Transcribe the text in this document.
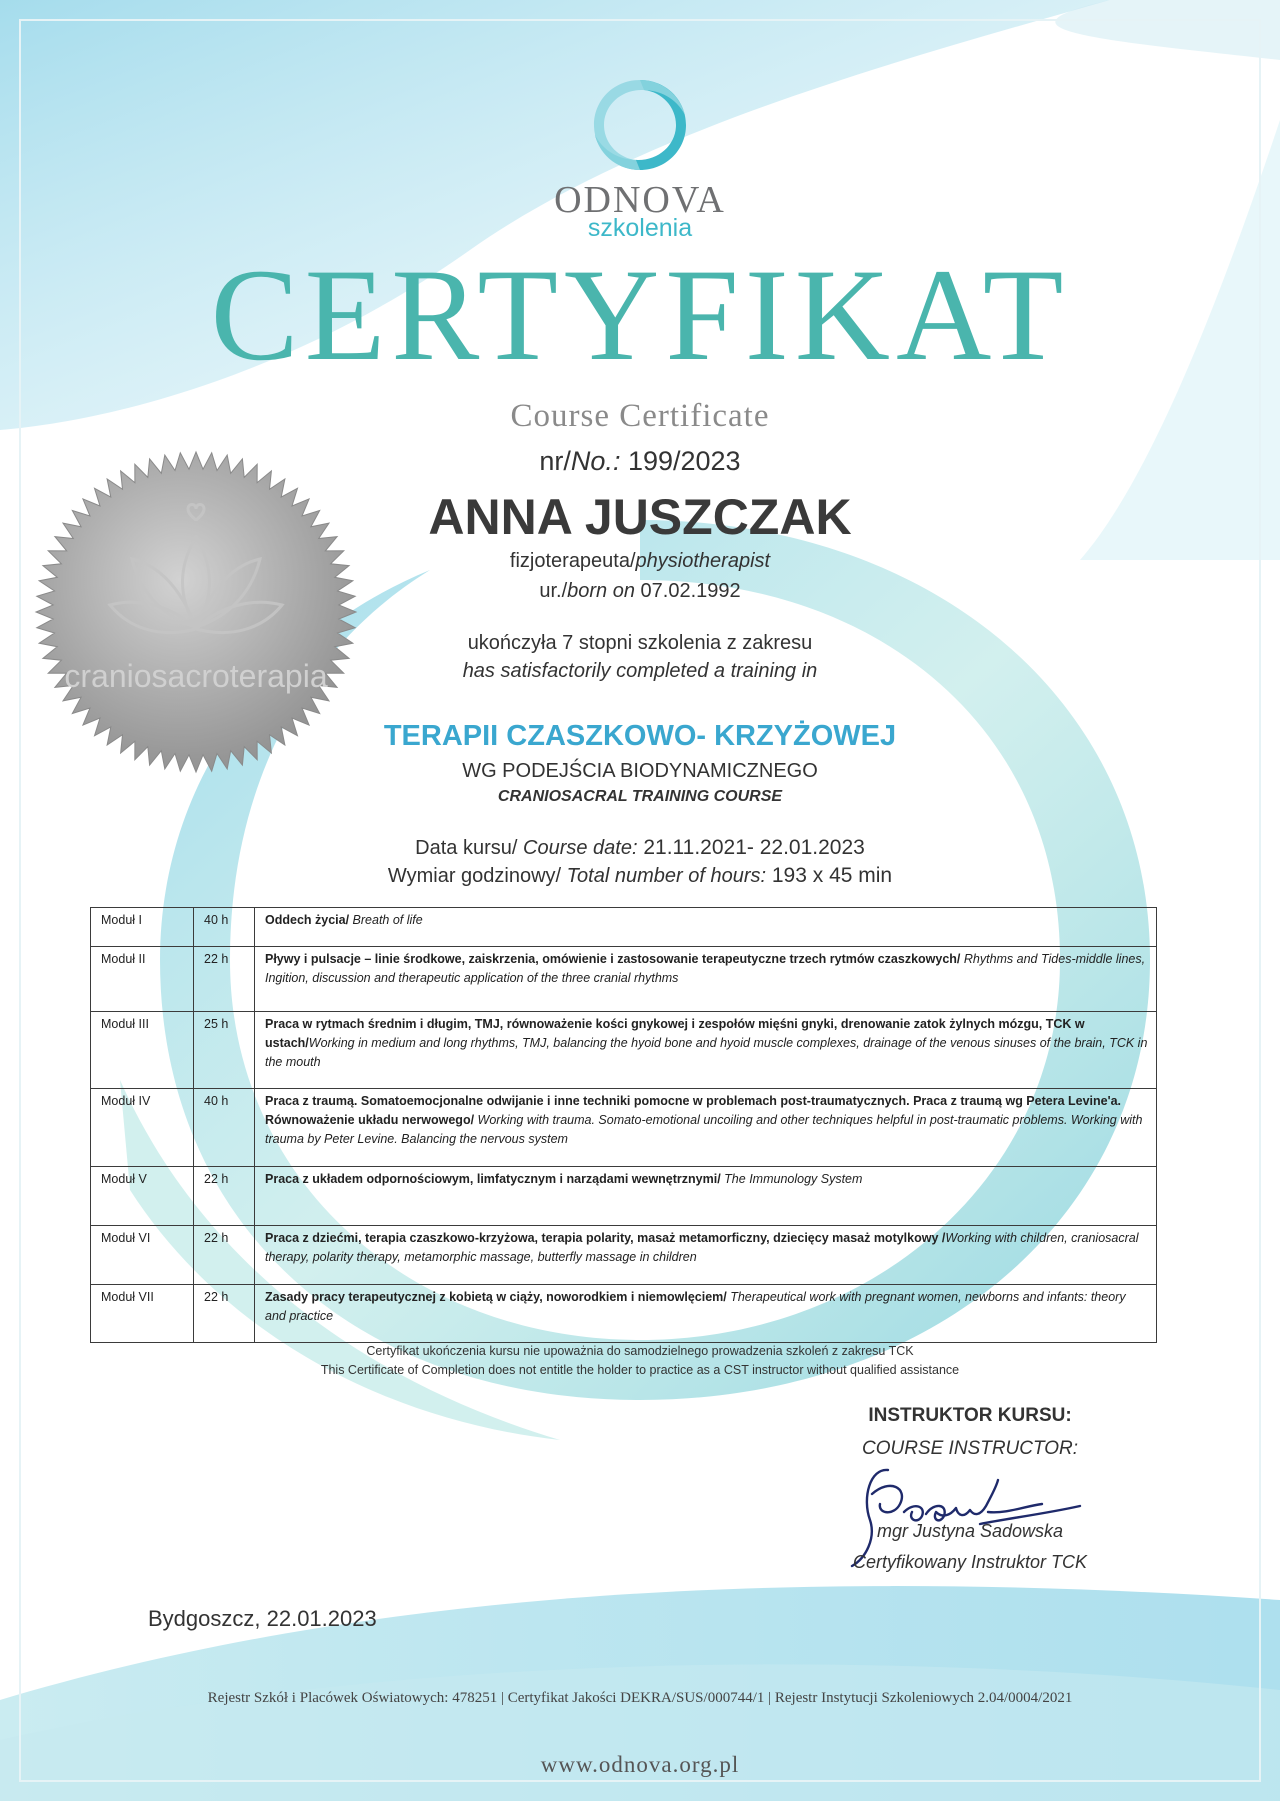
ODNOVA
szkolenia
CERTYFIKAT
Course Certificate
nr/No.: 199/2023
craniosacroterapia
ANNA JUSZCZAK
fizjoterapeuta/physiotherapist
ur./born on 07.02.1992
ukończyła 7 stopni szkolenia z zakresu
has satisfactorily completed a training in
TERAPII CZASZKOWO- KRZYŻOWEJ
WG PODEJŚCIA BIODYNAMICZNEGO
CRANIOSACRAL TRAINING COURSE
Data kursu/ Course date: 21.11.2021- 22.01.2023
Wymiar godzinowy/ Total number of hours: 193 x 45 min
Moduł I	40 h	Oddech życia/ Breath of life
Moduł II	22 h	Pływy i pulsacje – linie środkowe, zaiskrzenia, omówienie i zastosowanie terapeutyczne trzech rytmów czaszkowych/ Rhythms and Tides-middle lines, Ingition, discussion and therapeutic application of the three cranial rhythms
Moduł III	25 h	Praca w rytmach średnim i długim, TMJ, równoważenie kości gnykowej i zespołów mięśni gnyki, drenowanie zatok żylnych mózgu, TCK w ustach/Working in medium and long rhythms, TMJ, balancing the hyoid bone and hyoid muscle complexes, drainage of the venous sinuses of the brain, TCK in the mouth
Moduł IV	40 h	Praca z traumą. Somatoemocjonalne odwijanie i inne techniki pomocne w problemach post-traumatycznych. Praca z traumą wg Petera Levine'a. Równoważenie układu nerwowego/ Working with trauma. Somato-emotional uncoiling and other techniques helpful in post-traumatic problems. Working with trauma by Peter Levine. Balancing the nervous system
Moduł V	22 h	Praca z układem odpornościowym, limfatycznym i narządami wewnętrznymi/ The Immunology System
Moduł VI	22 h	Praca z dziećmi, terapia czaszkowo-krzyżowa, terapia polarity, masaż metamorficzny, dziecięcy masaż motylkowy /Working with children, craniosacral therapy, polarity therapy, metamorphic massage, butterfly massage in children
Moduł VII	22 h	Zasady pracy terapeutycznej z kobietą w ciąży, noworodkiem i niemowlęciem/ Therapeutical work with pregnant women, newborns and infants: theory and practice
Certyfikat ukończenia kursu nie upoważnia do samodzielnego prowadzenia szkoleń z zakresu TCK
This Certificate of Completion does not entitle the holder to practice as a CST instructor without qualified assistance
INSTRUKTOR KURSU:
COURSE INSTRUCTOR:
mgr Justyna Sadowska
Certyfikowany Instruktor TCK
Bydgoszcz, 22.01.2023
Rejestr Szkół i Placówek Oświatowych: 478251 | Certyfikat Jakości DEKRA/SUS/000744/1 | Rejestr Instytucji Szkoleniowych 2.04/0004/2021
www.odnova.org.pl
